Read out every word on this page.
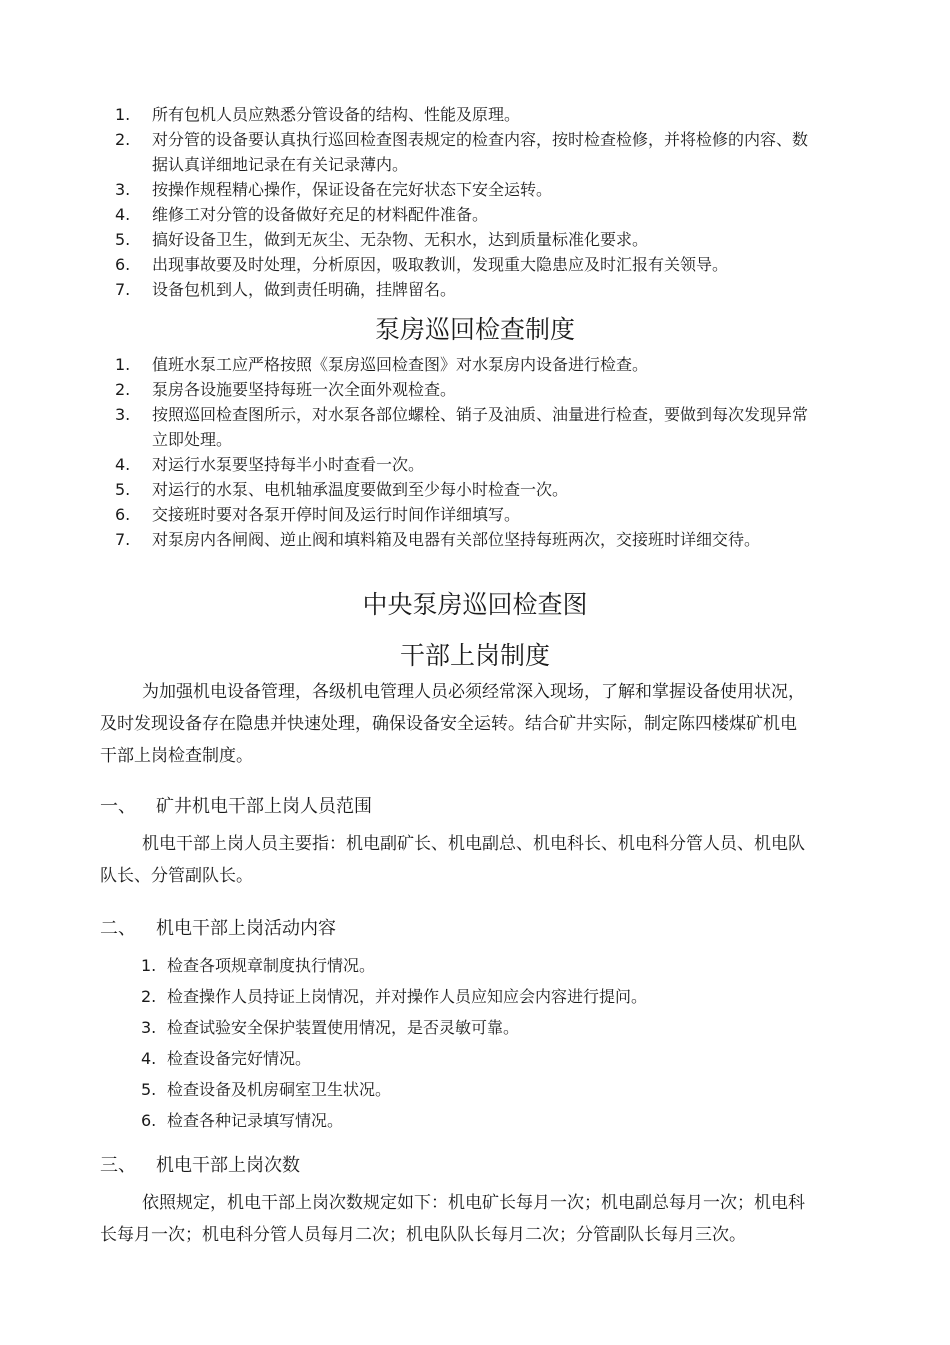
1.	所有包机人员应熟悉分管设备的结构、性能及原理。
2.	对分管的设备要认真执行巡回检查图表规定的检查内容，按时检查检修，并将检修的内容、数据认真详细地记录在有关记录薄内。
3.	按操作规程精心操作，保证设备在完好状态下安全运转。
4.	维修工对分管的设备做好充足的材料配件准备。
5.	搞好设备卫生，做到无灰尘、无杂物、无积水，达到质量标准化要求。
6.	出现事故要及时处理，分析原因，吸取教训，发现重大隐患应及时汇报有关领导。
7.	设备包机到人，做到责任明确，挂牌留名。
泵房巡回检查制度
1.	值班水泵工应严格按照《泵房巡回检查图》对水泵房内设备进行检查。
2.	泵房各设施要坚持每班一次全面外观检查。
3.	按照巡回检查图所示，对水泵各部位螺栓、销子及油质、油量进行检查，要做到每次发现异常立即处理。
4.	对运行水泵要坚持每半小时查看一次。
5.	对运行的水泵、电机轴承温度要做到至少每小时检查一次。
6.	交接班时要对各泵开停时间及运行时间作详细填写。
7.	对泵房内各闸阀、逆止阀和填料箱及电器有关部位坚持每班两次，交接班时详细交待。
中央泵房巡回检查图
干部上岗制度

为加强机电设备管理，各级机电管理人员必须经常深入现场，了解和掌握设备使用状况，及时发现设备存在隐患并快速处理，确保设备安全运转。结合矿井实际，制定陈四楼煤矿机电干部上岗检查制度。

一、	矿井机电干部上岗人员范围

机电干部上岗人员主要指：机电副矿长、机电副总、机电科长、机电科分管人员、机电队队长、分管副队长。

二、	机电干部上岗活动内容
1. 检查各项规章制度执行情况。
2. 检查操作人员持证上岗情况，并对操作人员应知应会内容进行提问。
3. 检查试验安全保护装置使用情况，是否灵敏可靠。
4. 检查设备完好情况。
5. 检查设备及机房硐室卫生状况。
6. 检查各种记录填写情况。
三、	机电干部上岗次数

依照规定，机电干部上岗次数规定如下：机电矿长每月一次；机电副总每月一次；机电科长每月一次；机电科分管人员每月二次；机电队队长每月二次；分管副队长每月三次。
